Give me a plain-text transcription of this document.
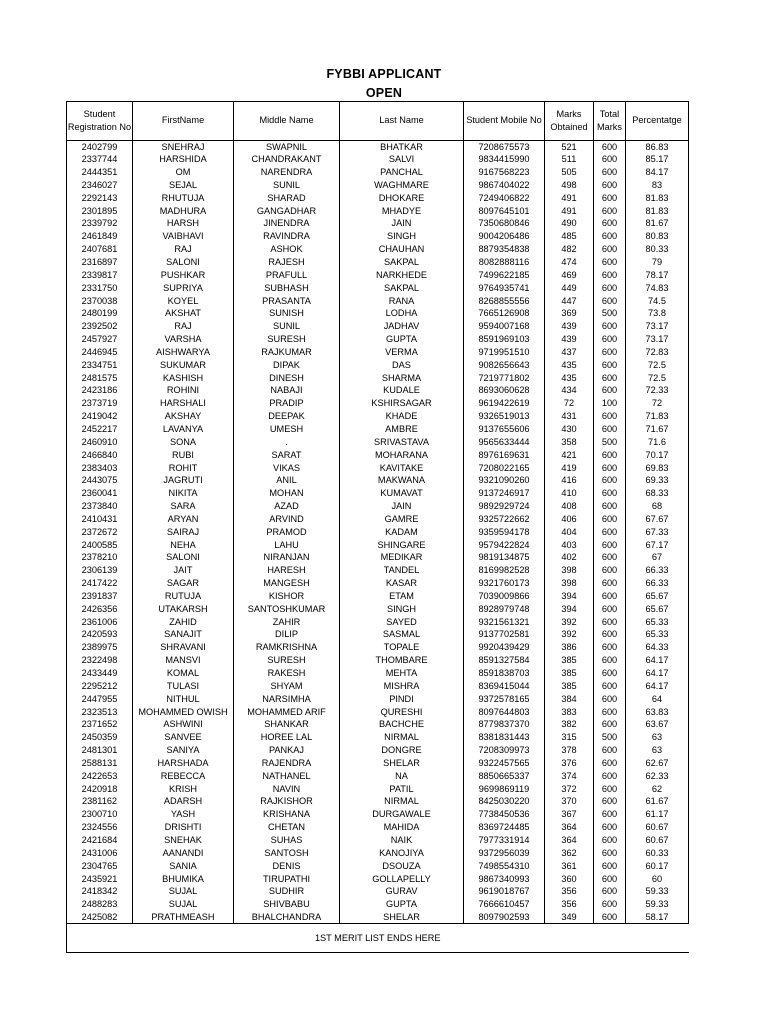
FYBBI APPLICANT
OPEN
Student Registration No	FirstName	Middle Name	Last Name	Student Mobile No	Marks Obtained	Total Marks	Percentatge
2402799	SNEHRAJ	SWAPNIL	BHATKAR	7208675573	521	600	86.83
2337744	HARSHIDA	CHANDRAKANT	SALVI	9834415990	511	600	85.17
2444351	OM	NARENDRA	PANCHAL	9167568223	505	600	84.17
2346027	SEJAL	SUNIL	WAGHMARE	9867404022	498	600	83
2292143	RHUTUJA	SHARAD	DHOKARE	7249406822	491	600	81.83
2301895	MADHURA	GANGADHAR	MHADYE	8097645101	491	600	81.83
2339792	HARSH	JINENDRA	JAIN	7350680846	490	600	81.67
2461849	VAIBHAVI	RAVINDRA	SINGH	9004206486	485	600	80.83
2407681	RAJ	ASHOK	CHAUHAN	8879354838	482	600	80.33
2316897	SALONI	RAJESH	SAKPAL	8082888116	474	600	79
2339817	PUSHKAR	PRAFULL	NARKHEDE	7499622185	469	600	78.17
2331750	SUPRIYA	SUBHASH	SAKPAL	9764935741	449	600	74.83
2370038	KOYEL	PRASANTA	RANA	8268855556	447	600	74.5
2480199	AKSHAT	SUNISH	LODHA	7665126908	369	500	73.8
2392502	RAJ	SUNIL	JADHAV	9594007168	439	600	73.17
2457927	VARSHA	SURESH	GUPTA	8591969103	439	600	73.17
2446945	AISHWARYA	RAJKUMAR	VERMA	9719951510	437	600	72.83
2334751	SUKUMAR	DIPAK	DAS	9082656643	435	600	72.5
2481575	KASHISH	DINESH	SHARMA	7219771802	435	600	72.5
2423186	ROHINI	NABAJI	KUDALE	8693060628	434	600	72.33
2373719	HARSHALI	PRADIP	KSHIRSAGAR	9619422619	72	100	72
2419042	AKSHAY	DEEPAK	KHADE	9326519013	431	600	71.83
2452217	LAVANYA	UMESH	AMBRE	9137655606	430	600	71.67
2460910	SONA	.	SRIVASTAVA	9565633444	358	500	71.6
2466840	RUBI	SARAT	MOHARANA	8976169631	421	600	70.17
2383403	ROHIT	VIKAS	KAVITAKE	7208022165	419	600	69.83
2443075	JAGRUTI	ANIL	MAKWANA	9321090260	416	600	69.33
2360041	NIKITA	MOHAN	KUMAVAT	9137246917	410	600	68.33
2373840	SARA	AZAD	JAIN	9892929724	408	600	68
2410431	ARYAN	ARVIND	GAMRE	9325722662	406	600	67.67
2372672	SAIRAJ	PRAMOD	KADAM	9359594178	404	600	67.33
2400585	NEHA	LAHU	SHINGARE	9579422824	403	600	67.17
2378210	SALONI	NIRANJAN	MEDIKAR	9819134875	402	600	67
2306139	JAIT	HARESH	TANDEL	8169982528	398	600	66.33
2417422	SAGAR	MANGESH	KASAR	9321760173	398	600	66.33
2391837	RUTUJA	KISHOR	ETAM	7039009866	394	600	65.67
2426356	UTAKARSH	SANTOSHKUMAR	SINGH	8928979748	394	600	65.67
2361006	ZAHID	ZAHIR	SAYED	9321561321	392	600	65.33
2420593	SANAJIT	DILIP	SASMAL	9137702581	392	600	65.33
2389975	SHRAVANI	RAMKRISHNA	TOPALE	9920439429	386	600	64.33
2322498	MANSVI	SURESH	THOMBARE	8591327584	385	600	64.17
2433449	KOMAL	RAKESH	MEHTA	8591838703	385	600	64.17
2295212	TULASI	SHYAM	MISHRA	8369415044	385	600	64.17
2447955	NITHUL	NARSIMHA	PINDI	9372578165	384	600	64
2323513	MOHAMMED OWISH	MOHAMMED ARIF	QURESHI	8097644803	383	600	63.83
2371652	ASHWINI	SHANKAR	BACHCHE	8779837370	382	600	63.67
2450359	SANVEE	HOREE LAL	NIRMAL	8381831443	315	500	63
2481301	SANIYA	PANKAJ	DONGRE	7208309973	378	600	63
2588131	HARSHADA	RAJENDRA	SHELAR	9322457565	376	600	62.67
2422653	REBECCA	NATHANEL	NA	8850665337	374	600	62.33
2420918	KRISH	NAVIN	PATIL	9699869119	372	600	62
2381162	ADARSH	RAJKISHOR	NIRMAL	8425030220	370	600	61.67
2300710	YASH	KRISHANA	DURGAWALE	7738450536	367	600	61.17
2324556	DRISHTI	CHETAN	MAHIDA	8369724485	364	600	60.67
2421684	SNEHAK	SUHAS	NAIK	7977331914	364	600	60.67
2431006	AANANDI	SANTOSH	KANOJIYA	9372956039	362	600	60.33
2304765	SANIA	DENIS	DSOUZA	7498554310	361	600	60.17
2435921	BHUMIKA	TIRUPATHI	GOLLAPELLY	9867340993	360	600	60
2418342	SUJAL	SUDHIR	GURAV	9619018767	356	600	59.33
2488283	SUJAL	SHIVBABU	GUPTA	7666610457	356	600	59.33
2425082	PRATHMEASH	BHALCHANDRA	SHELAR	8097902593	349	600	58.17
1ST MERIT LIST ENDS HERE							
